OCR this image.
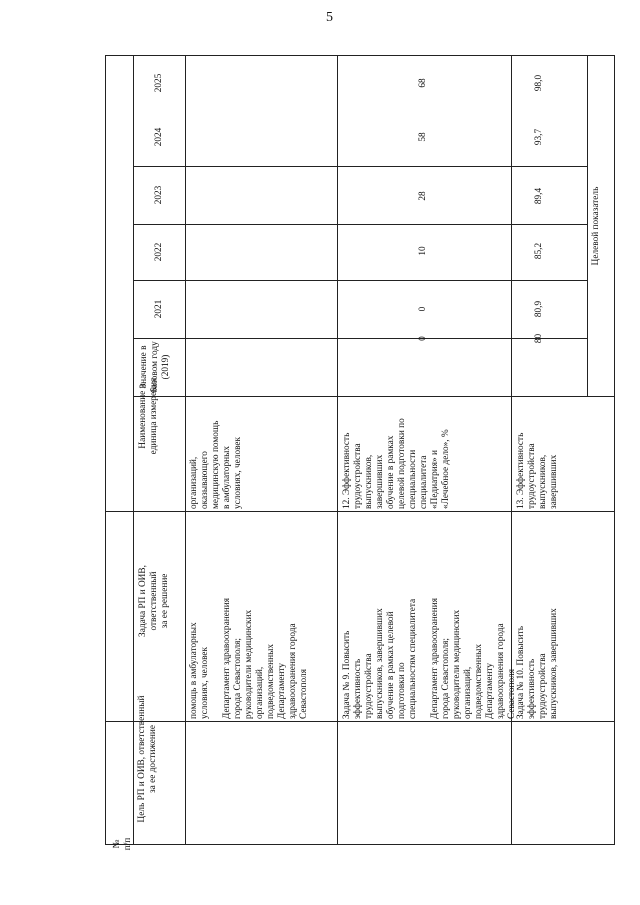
5
№
п/п
Цель РП и ОИВ, ответственный
за ее достижение
Задача РП и ОИВ,
ответственный
за ее решение
Наименование и
единица измерения
Целевой показатель
Значение в
базовом году
(2019)
2021
2022
2023
2024
2025
помощь в амбулаторных
условиях, человек

Департамент здравоохранения
города Севастополя;
руководители медицинских
организаций,
подведомственных
Департаменту
здравоохранения города
Севастополя
организаций,
оказывающего
медицинскую помощь
в амбулаторных
условиях, человек
Задача № 9. Повысить
эффективность
трудоустройства
выпускников, завершивших
обучение в рамках целевой
подготовки по
специальностям специалитета

Департамент здравоохранения
города Севастополя;
руководители медицинских
организаций,
подведомственных
Департаменту
здравоохранения города
Севастополя
12. Эффективность
трудоустройства
выпускников,
завершивших
обучение в рамках
целевой подготовки по
специальности
специалитета
«Педиатрия» и
«Лечебное дело», %
0
0
10
28
58
68
Задача № 10. Повысить
эффективность
трудоустройства
выпускников, завершивших
13. Эффективность
трудоустройства
выпускников,
завершивших
80
80,9
85,2
89,4
93,7
98,0
